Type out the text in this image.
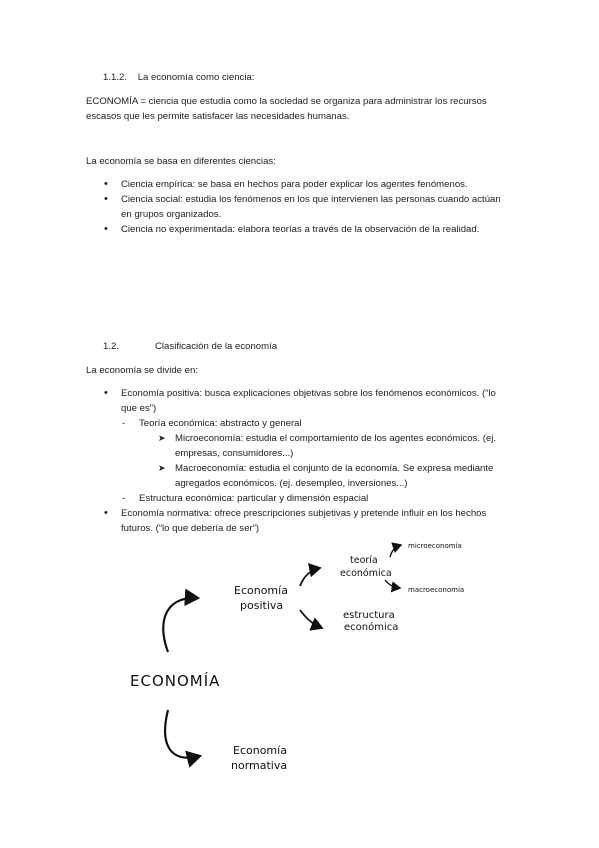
1.1.2. La economía como ciencia:
ECONOMÍA = ciencia que estudia como la sociedad se organiza para administrar los recursos escasos que les permite satisfacer las necesidades humanas.
La economía se basa en diferentes ciencias:
• Ciencia empírica: se basa en hechos para poder explicar los agentes fenómenos.
• Ciencia social: estudia los fenómenos en los que intervienen las personas cuando actúan en grupos organizados.
• Ciencia no experimentada: elabora teorías a través de la observación de la realidad.
1.2.	Clasificación de la economía
La economía se divide en:
• Economía positiva: busca explicaciones objetivas sobre los fenómenos económicos. (“lo que es”)
- Teoría económica: abstracto y general
➤ Microeconomía: estudia el comportamiento de los agentes económicos. (ej. empresas, consumidores...)
➤ Macroeconomía: estudia el conjunto de la economía. Se expresa mediante agregados económicos. (ej. desempleo, inversiones...)
- Estructura económica: particular y dimensión espacial
• Economía normativa: ofrece prescripciones subjetivas y pretende influir en los hechos futuros. (“lo que debería de ser”)
ECONOMÍA
Economía
positiva
teoría
económica
microeconomía
macroeconomía
estructura
económica
Economía
normativa
